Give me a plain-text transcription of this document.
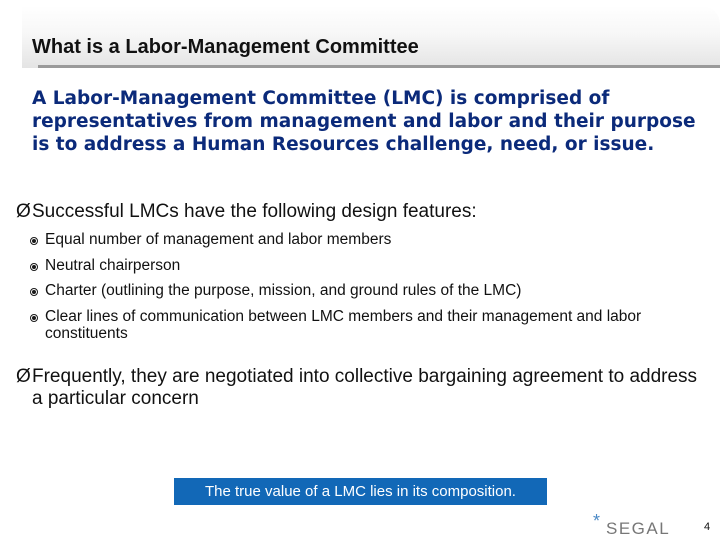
What is a Labor-Management Committee

A Labor-Management Committee (LMC) is comprised of representatives from management and labor and their purpose is to address a Human Resources challenge, need, or issue.

Ø Successful LMCs have the following design features:
Equal number of management and labor members
Neutral chairperson
Charter (outlining the purpose, mission, and ground rules of the LMC)
Clear lines of communication between LMC members and their management and labor constituents
Ø Frequently, they are negotiated into collective bargaining agreement to address a particular concern
The true value of a LMC lies in its composition.
* SEGAL	4
